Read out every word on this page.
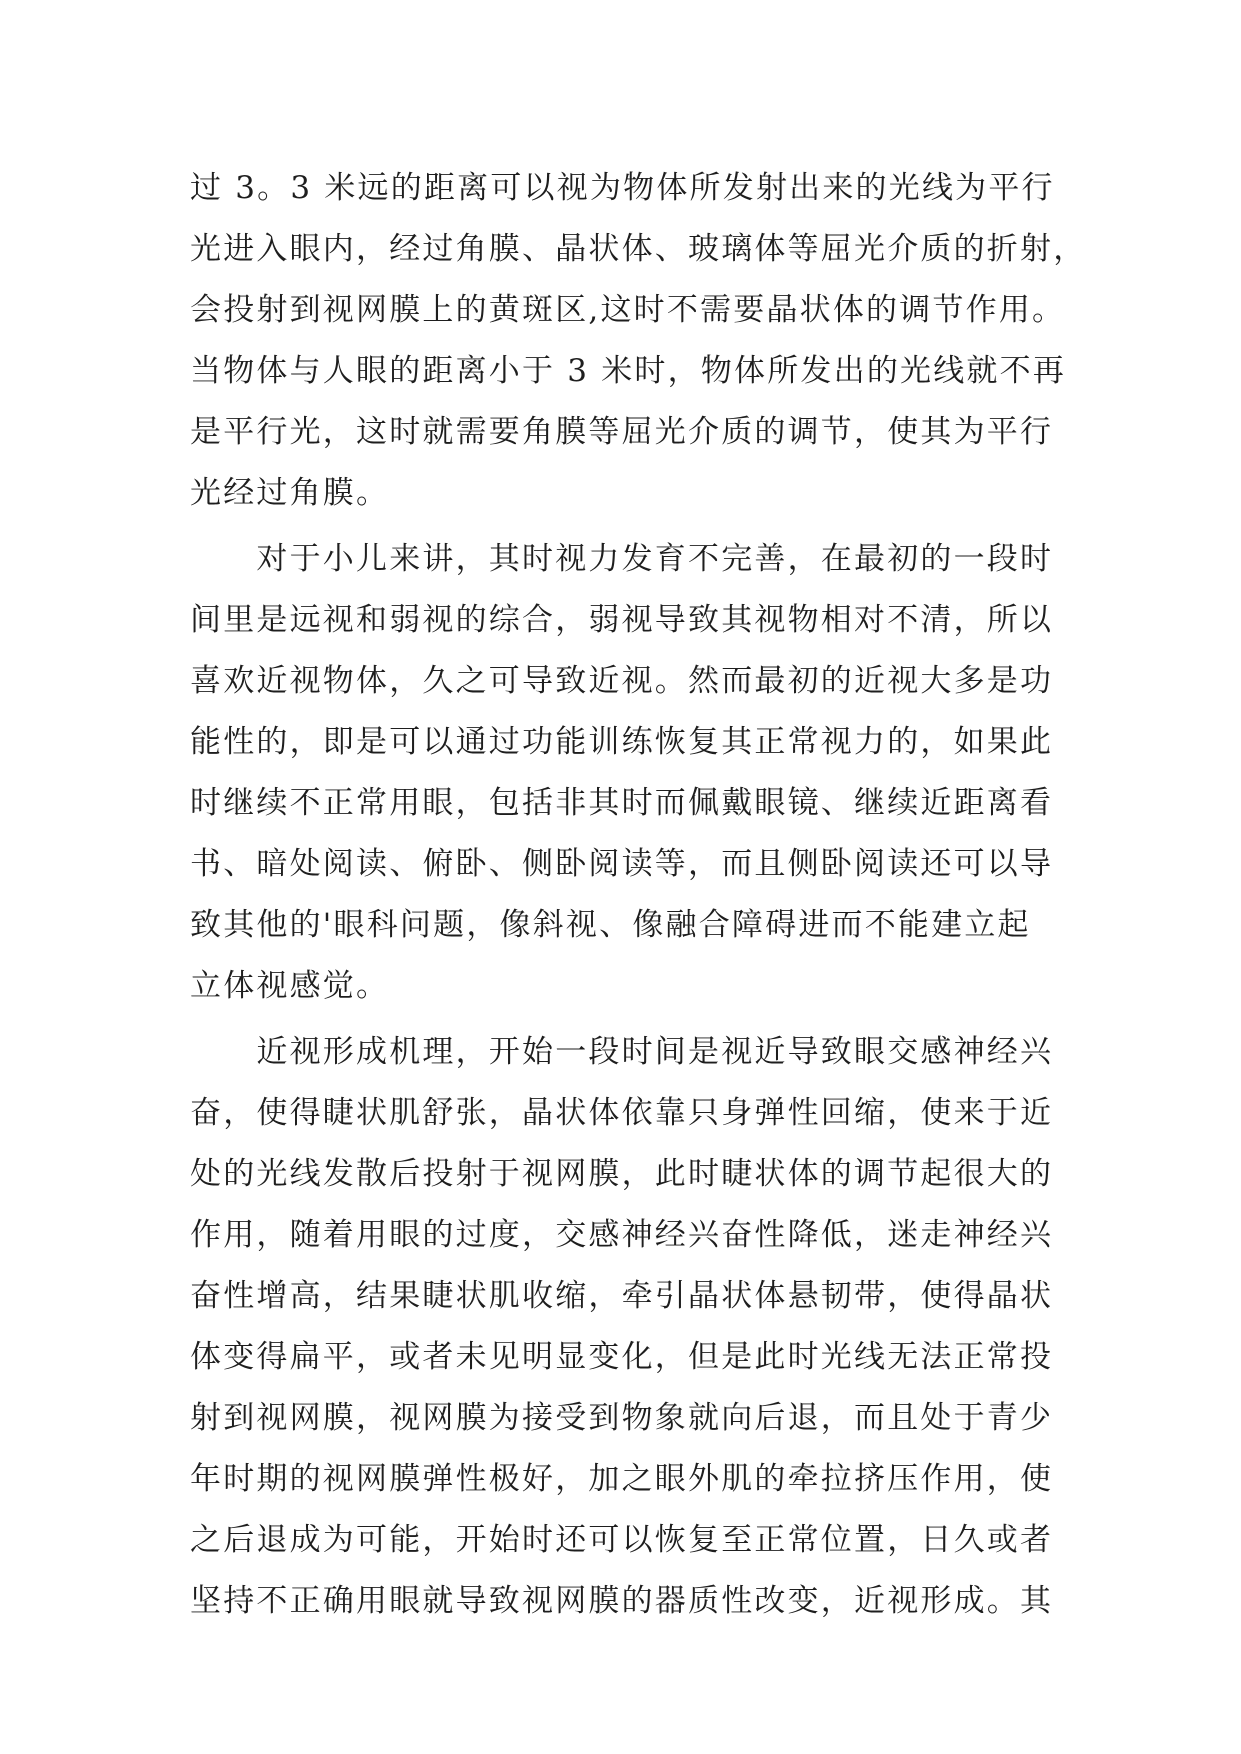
过 3。3 米远的距离可以视为物体所发射出来的光线为平行
光进入眼内，经过角膜、晶状体、玻璃体等屈光介质的折射，
会投射到视网膜上的黄斑区,这时不需要晶状体的调节作用。
当物体与人眼的距离小于 3 米时，物体所发出的光线就不再
是平行光，这时就需要角膜等屈光介质的调节，使其为平行
光经过角膜。
　　对于小儿来讲，其时视力发育不完善，在最初的一段时
间里是远视和弱视的综合，弱视导致其视物相对不清，所以
喜欢近视物体，久之可导致近视。然而最初的近视大多是功
能性的，即是可以通过功能训练恢复其正常视力的，如果此
时继续不正常用眼，包括非其时而佩戴眼镜、继续近距离看
书、暗处阅读、俯卧、侧卧阅读等，而且侧卧阅读还可以导
致其他的'眼科问题，像斜视、像融合障碍进而不能建立起
立体视感觉。
　　近视形成机理，开始一段时间是视近导致眼交感神经兴
奋，使得睫状肌舒张，晶状体依靠只身弹性回缩，使来于近
处的光线发散后投射于视网膜，此时睫状体的调节起很大的
作用，随着用眼的过度，交感神经兴奋性降低，迷走神经兴
奋性增高，结果睫状肌收缩，牵引晶状体悬韧带，使得晶状
体变得扁平，或者未见明显变化，但是此时光线无法正常投
射到视网膜，视网膜为接受到物象就向后退，而且处于青少
年时期的视网膜弹性极好，加之眼外肌的牵拉挤压作用，使
之后退成为可能，开始时还可以恢复至正常位置，日久或者
坚持不正确用眼就导致视网膜的器质性改变，近视形成。其
